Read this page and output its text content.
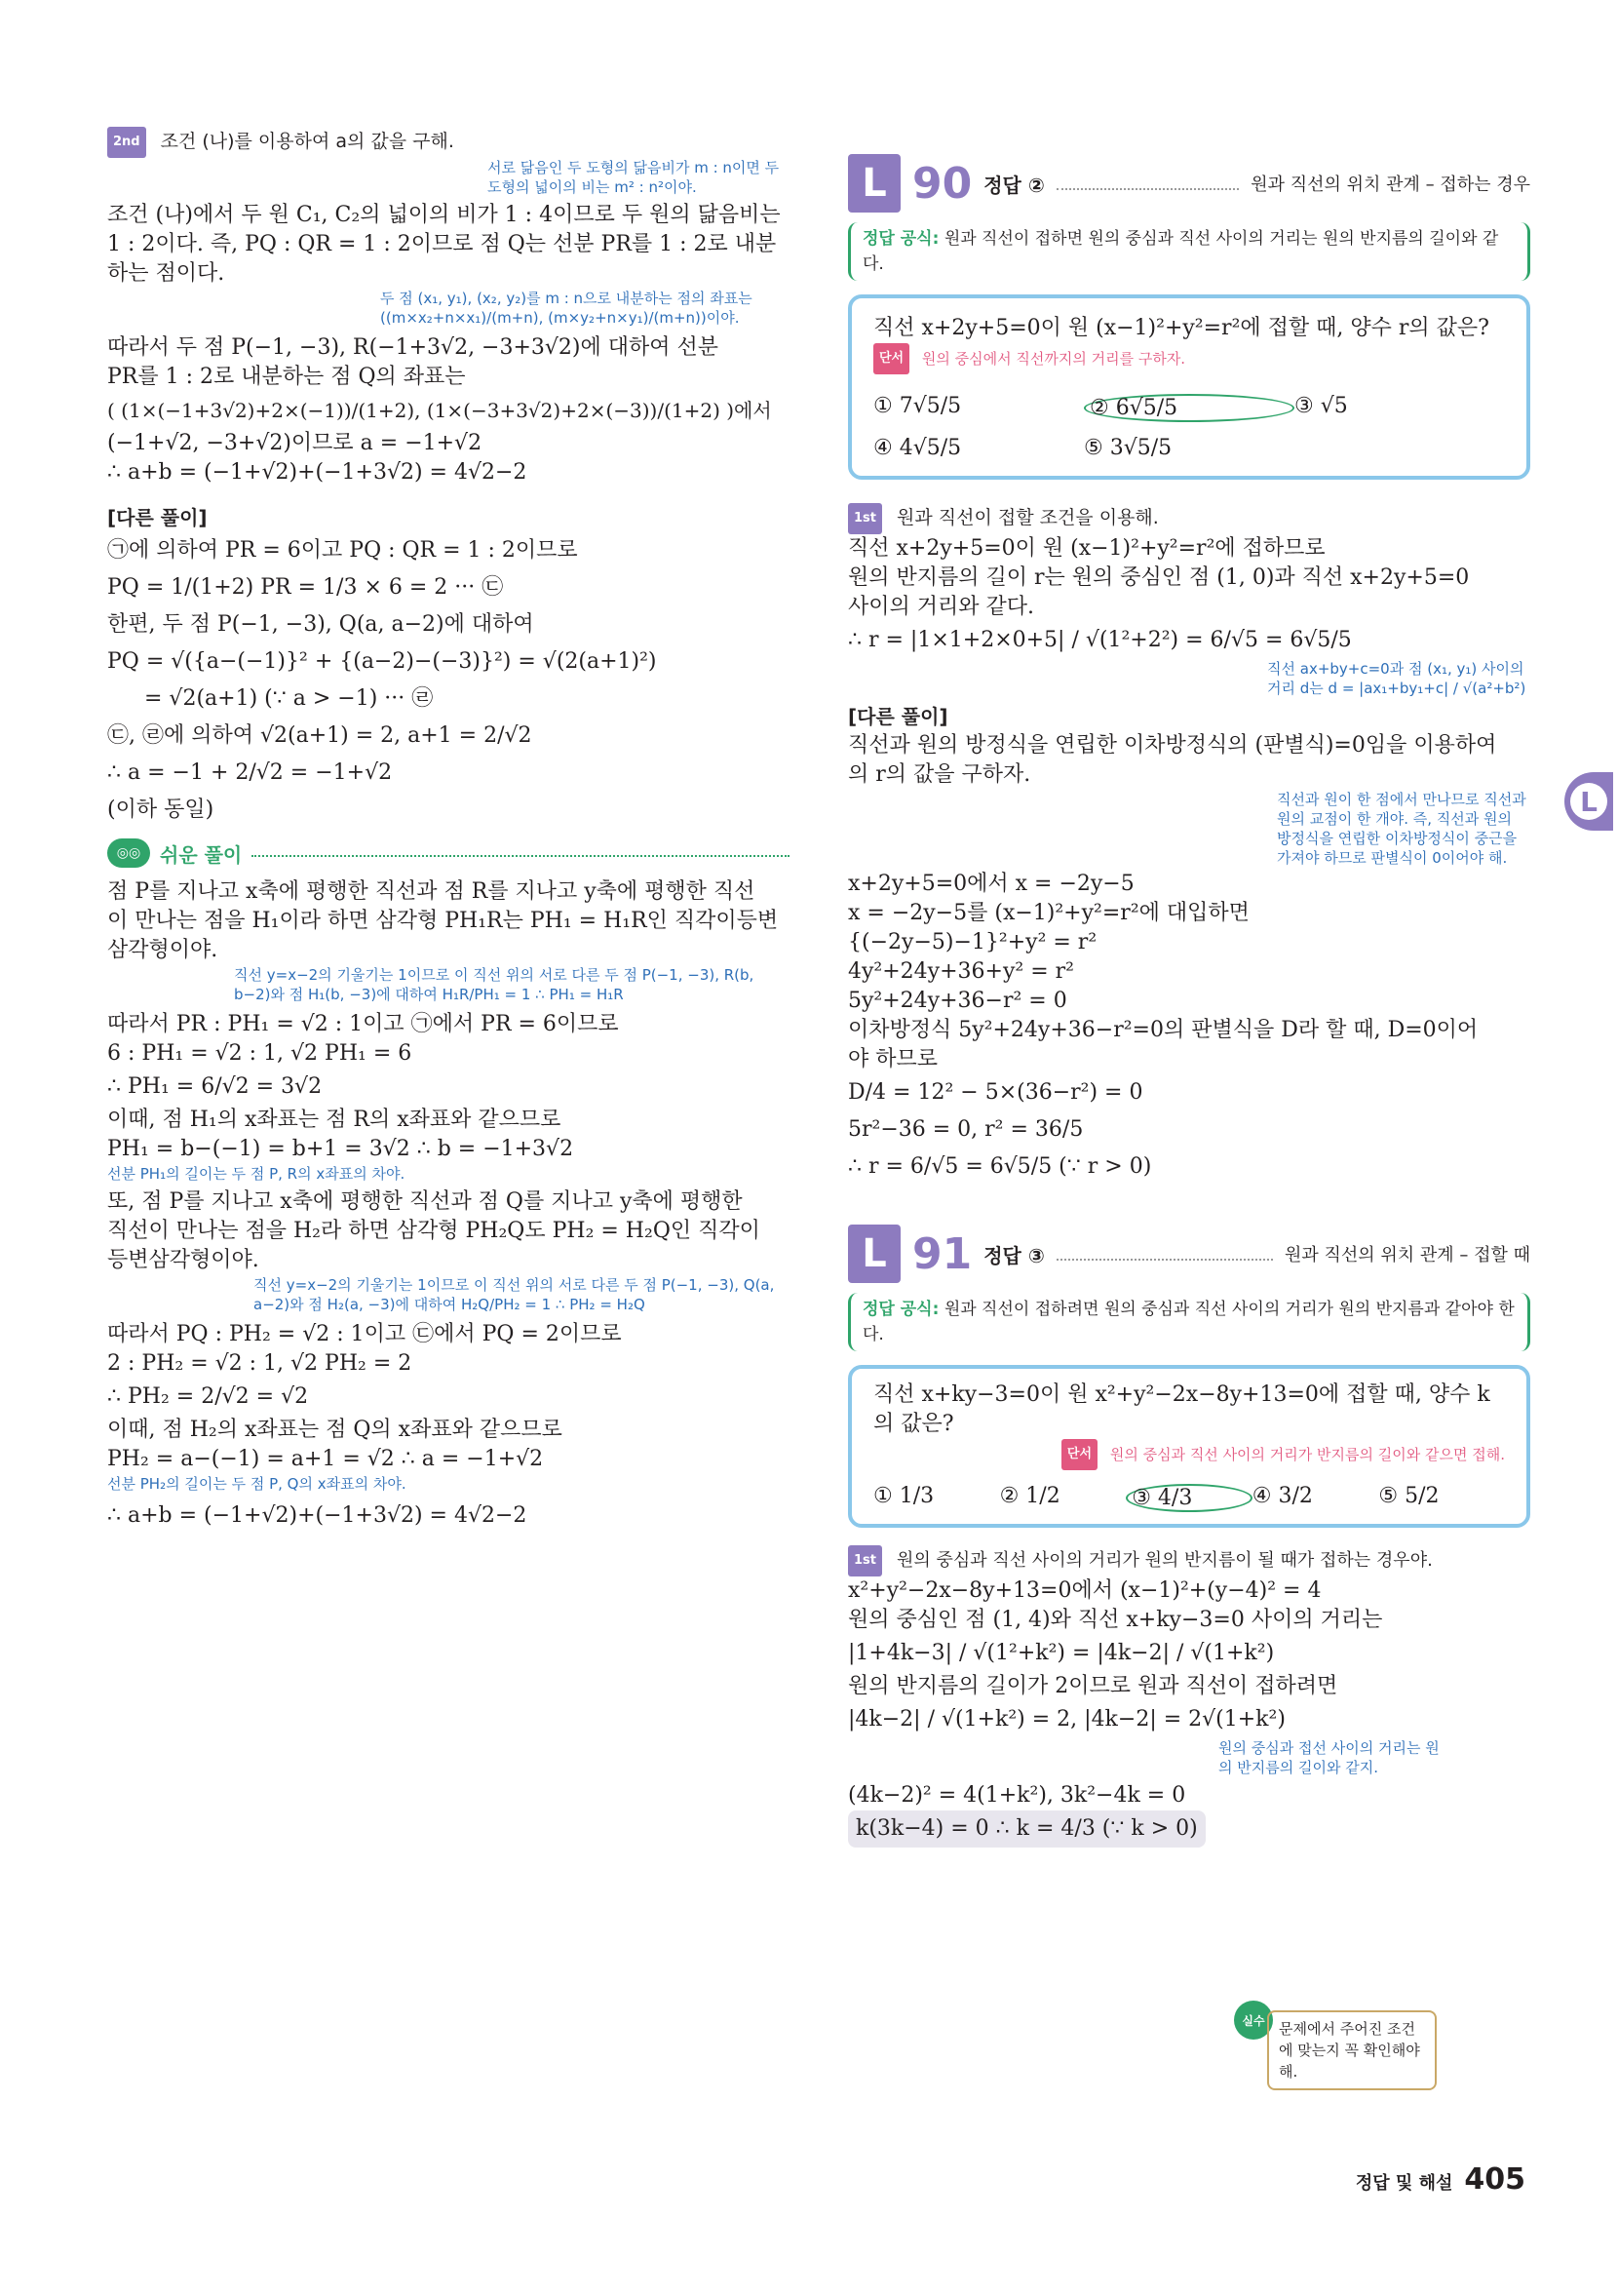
2nd 조건 (나)를 이용하여 a의 값을 구해.

서로 닮음인 두 도형의 닮음비가 m : n이면 두 도형의 넓이의 비는 m² : n²이야.

조건 (나)에서 두 원 C₁, C₂의 넓이의 비가 1 : 4이므로 두 원의 닮음비는

1 : 2이다. 즉, PQ : QR = 1 : 2이므로 점 Q는 선분 PR를 1 : 2로 내분

하는 점이다.

두 점 (x₁, y₁), (x₂, y₂)를 m : n으로 내분하는 점의 좌표는 ((m×x₂+n×x₁)/(m+n), (m×y₂+n×y₁)/(m+n))이야.

따라서 두 점 P(−1, −3), R(−1+3√2, −3+3√2)에 대하여 선분

PR를 1 : 2로 내분하는 점 Q의 좌표는

( (1×(−1+3√2)+2×(−1))/(1+2), (1×(−3+3√2)+2×(−3))/(1+2) )에서

(−1+√2, −3+√2)이므로 a = −1+√2

∴ a+b = (−1+√2)+(−1+3√2) = 4√2−2

[다른 풀이]

㉠에 의하여 PR = 6이고 PQ : QR = 1 : 2이므로

PQ = 1/(1+2) PR = 1/3 × 6 = 2 ··· ㉢

한편, 두 점 P(−1, −3), Q(a, a−2)에 대하여

PQ = √({a−(−1)}² + {(a−2)−(−3)}²) = √(2(a+1)²)

= √2(a+1) (∵ a > −1) ··· ㉣

㉢, ㉣에 의하여 √2(a+1) = 2, a+1 = 2/√2

∴ a = −1 + 2/√2 = −1+√2

(이하 동일)

◎◎ 쉬운 풀이

점 P를 지나고 x축에 평행한 직선과 점 R를 지나고 y축에 평행한 직선

이 만나는 점을 H₁이라 하면 삼각형 PH₁R는 PH₁ = H₁R인 직각이등변

삼각형이야.

직선 y=x−2의 기울기는 1이므로 이 직선 위의 서로 다른 두 점 P(−1, −3), R(b, b−2)와 점 H₁(b, −3)에 대하여 H₁R/PH₁ = 1 ∴ PH₁ = H₁R

따라서 PR : PH₁ = √2 : 1이고 ㉠에서 PR = 6이므로

6 : PH₁ = √2 : 1, √2 PH₁ = 6

∴ PH₁ = 6/√2 = 3√2

이때, 점 H₁의 x좌표는 점 R의 x좌표와 같으므로

PH₁ = b−(−1) = b+1 = 3√2 ∴ b = −1+3√2

선분 PH₁의 길이는 두 점 P, R의 x좌표의 차야.

또, 점 P를 지나고 x축에 평행한 직선과 점 Q를 지나고 y축에 평행한

직선이 만나는 점을 H₂라 하면 삼각형 PH₂Q도 PH₂ = H₂Q인 직각이

등변삼각형이야.

직선 y=x−2의 기울기는 1이므로 이 직선 위의 서로 다른 두 점 P(−1, −3), Q(a, a−2)와 점 H₂(a, −3)에 대하여 H₂Q/PH₂ = 1 ∴ PH₂ = H₂Q

따라서 PQ : PH₂ = √2 : 1이고 ㉢에서 PQ = 2이므로

2 : PH₂ = √2 : 1, √2 PH₂ = 2

∴ PH₂ = 2/√2 = √2

이때, 점 H₂의 x좌표는 점 Q의 x좌표와 같으므로

PH₂ = a−(−1) = a+1 = √2 ∴ a = −1+√2

선분 PH₂의 길이는 두 점 P, Q의 x좌표의 차야.

∴ a+b = (−1+√2)+(−1+3√2) = 4√2−2

L 90 정답 ②	원과 직선의 위치 관계 – 접하는 경우
정답 공식: 원과 직선이 접하면 원의 중심과 직선 사이의 거리는 원의 반지름의 길이와 같다.

직선 x+2y+5=0이 원 (x−1)²+y²=r²에 접할 때, 양수 r의 값은?

단서 원의 중심에서 직선까지의 거리를 구하자.

① 7√5/5	② 6√5/5	③ √5
④ 4√5/5	⑤ 3√5/5

1st 원과 직선이 접할 조건을 이용해.

직선 x+2y+5=0이 원 (x−1)²+y²=r²에 접하므로

원의 반지름의 길이 r는 원의 중심인 점 (1, 0)과 직선 x+2y+5=0

사이의 거리와 같다.

∴ r = |1×1+2×0+5| / √(1²+2²) = 6/√5 = 6√5/5

직선 ax+by+c=0과 점 (x₁, y₁) 사이의 거리 d는 d = |ax₁+by₁+c| / √(a²+b²)

[다른 풀이]

직선과 원의 방정식을 연립한 이차방정식의 (판별식)=0임을 이용하여

의 r의 값을 구하자.

직선과 원이 한 점에서 만나므로 직선과 원의 교점이 한 개야. 즉, 직선과 원의 방정식을 연립한 이차방정식이 중근을 가져야 하므로 판별식이 0이어야 해.

x+2y+5=0에서 x = −2y−5

x = −2y−5를 (x−1)²+y²=r²에 대입하면

{(−2y−5)−1}²+y² = r²

4y²+24y+36+y² = r²

5y²+24y+36−r² = 0

이차방정식 5y²+24y+36−r²=0의 판별식을 D라 할 때, D=0이어

야 하므로

D/4 = 12² − 5×(36−r²) = 0

5r²−36 = 0, r² = 36/5

∴ r = 6/√5 = 6√5/5 (∵ r > 0)

L 91 정답 ③	원과 직선의 위치 관계 – 접할 때
정답 공식: 원과 직선이 접하려면 원의 중심과 직선 사이의 거리가 원의 반지름과 같아야 한다.

직선 x+ky−3=0이 원 x²+y²−2x−8y+13=0에 접할 때, 양수 k의 값은?

단서 원의 중심과 직선 사이의 거리가 반지름의 길이와 같으면 접해.

① 1/3	② 1/2	③ 4/3	④ 3/2	⑤ 5/2

1st 원의 중심과 직선 사이의 거리가 원의 반지름이 될 때가 접하는 경우야.

x²+y²−2x−8y+13=0에서 (x−1)²+(y−4)² = 4

원의 중심인 점 (1, 4)와 직선 x+ky−3=0 사이의 거리는

|1+4k−3| / √(1²+k²) = |4k−2| / √(1+k²)

원의 반지름의 길이가 2이므로 원과 직선이 접하려면

|4k−2| / √(1+k²) = 2, |4k−2| = 2√(1+k²)

원의 중심과 접선 사이의 거리는 원의 반지름의 길이와 같지.

(4k−2)² = 4(1+k²), 3k²−4k = 0

k(3k−4) = 0 ∴ k = 4/3 (∵ k > 0)

실수 문제에서 주어진 조건에 맞는지 꼭 확인해야 해.
L
정답 및 해설 405
